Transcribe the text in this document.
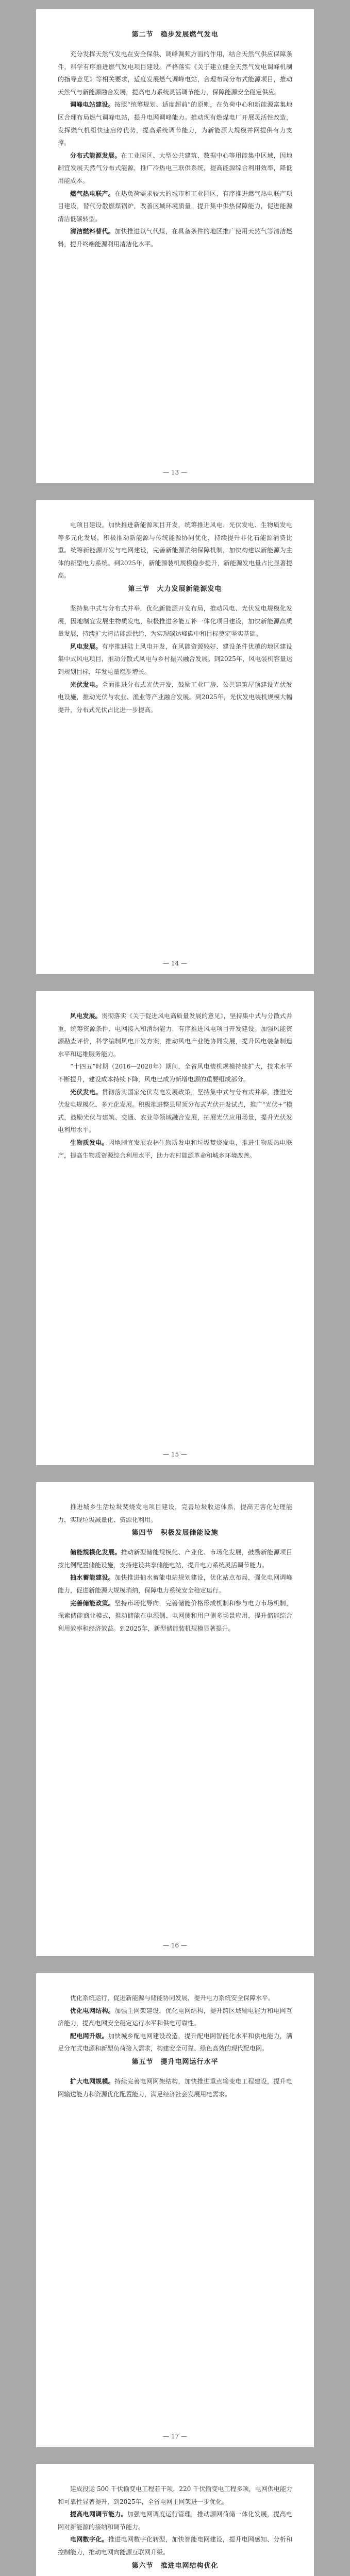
第二节　稳步发展燃气发电

充分发挥天然气发电在安全保供、调峰调频方面的作用，结合天然气供应保障条件，科学有序推进燃气发电项目建设。严格落实《关于建立健全天然气发电调峰机制的指导意见》等相关要求，适度发展燃气调峰电站，合理布局分布式能源项目，推动天然气与新能源融合发展，提高电力系统灵活调节能力，保障能源安全稳定供应。

调峰电站建设。按照“统筹规划、适度超前”的原则，在负荷中心和新能源富集地区合理布局燃气调峰电站，提升电网调峰能力。推动现有燃煤电厂开展灵活性改造，发挥燃气机组快速启停优势，提高系统调节能力，为新能源大规模并网提供有力支撑。

分布式能源发展。在工业园区、大型公共建筑、数据中心等用能集中区域，因地制宜发展天然气分布式能源，推广冷热电三联供系统，提高能源综合利用效率，降低用能成本。

燃气热电联产。在热负荷需求较大的城市和工业园区，有序推进燃气热电联产项目建设，替代分散燃煤锅炉，改善区域环境质量，提升集中供热保障能力，促进能源清洁低碳转型。

清洁燃料替代。加快推进以气代煤，在具备条件的地区推广使用天然气等清洁燃料，提升终端能源利用清洁化水平。

— 13 —

电项目建设。加快推进新能源项目开发，统筹推进风电、光伏发电、生物质发电等多元化发展，积极推动新能源与传统能源协同优化，持续提升非化石能源消费比重。统筹新能源开发与电网建设，完善新能源消纳保障机制，加快构建以新能源为主体的新型电力系统。到2025年，新能源装机规模稳步提升，新能源发电量占比显著提高。

第三节　大力发展新能源发电

坚持集中式与分布式并举，优化新能源开发布局，推动风电、光伏发电规模化发展，因地制宜发展生物质发电，积极推进多能互补一体化项目建设，加快新能源高质量发展，持续扩大清洁能源供给，为实现碳达峰碳中和目标奠定坚实基础。

风电发展。有序推进陆上风电开发，在风能资源较好、建设条件优越的地区建设集中式风电项目，推动分散式风电与乡村振兴融合发展。到2025年，风电装机容量达到规划目标，年发电量稳步增长。

光伏发电。全面推进分布式光伏开发，鼓励工业厂房、公共建筑屋顶建设光伏发电设施，推动光伏与农业、渔业等产业融合发展。到2025年，光伏发电装机规模大幅提升，分布式光伏占比进一步提高。

— 14 —

风电发展。贯彻落实《关于促进风电高质量发展的意见》，坚持集中式与分散式并重，统筹资源条件、电网接入和消纳能力，有序推进风电项目开发建设。加强风能资源勘查评价，科学编制风电开发方案，推动风电产业链协同发展，提升风电装备制造水平和运维服务能力。

“十四五”时期（2016—2020年）期间，全省风电装机规模持续扩大，技术水平不断提升，建设成本持续下降，风电已成为新增电源的重要组成部分。

光伏发电。贯彻落实国家光伏发电发展政策，坚持集中式与分布式并举，推进光伏发电规模化、多元化发展。积极推进整县屋顶分布式光伏开发试点，推广“光伏+”模式，鼓励光伏与建筑、交通、农业等领域融合发展，拓展光伏应用场景，提升光伏发电利用水平。

生物质发电。因地制宜发展农林生物质发电和垃圾焚烧发电，推进生物质热电联产，提高生物质资源综合利用水平，助力农村能源革命和城乡环境改善。

— 15 —

推进城乡生活垃圾焚烧发电项目建设，完善垃圾收运体系，提高无害化处理能力，实现垃圾减量化、资源化利用。

第四节　积极发展储能设施

储能规模化发展。推动新型储能规模化、产业化、市场化发展，鼓励新能源项目按比例配置储能设施，支持建设共享储能电站，提升电力系统灵活调节能力。

抽水蓄能建设。加快推进抽水蓄能电站规划建设，优化站点布局，强化电网调峰能力，促进新能源大规模消纳，保障电力系统安全稳定运行。

完善储能政策。坚持市场化导向，完善储能价格形成机制和参与电力市场机制，探索储能商业模式，推动储能在电源侧、电网侧和用户侧多场景应用，提升储能综合利用效率和经济效益。到2025年，新型储能装机规模显著提升。

— 16 —

优化系统运行，促进新能源与储能协同发展，提升电力系统安全保障水平。

优化电网结构。加强主网架建设，优化电网结构，提升跨区域输电能力和电网互济能力，提高电网安全稳定运行水平和供电可靠性。

配电网升级。加快城乡配电网建设改造，提升配电网智能化水平和供电能力，满足分布式电源和新型负荷接入需求，构建安全可靠、绿色高效的现代配电网。

第五节　提升电网运行水平

扩大电网规模。持续完善电网网架结构，加快推进重点输变电工程建设，提升电网输送能力和资源优化配置能力，满足经济社会发展用电需求。

— 17 —

建成投运 500 千伏输变电工程若干项，220 千伏输变电工程多项，电网供电能力和可靠性显著提升，到2025年，全省电网主网架进一步优化。

提高电网调节能力。加强电网调度运行管理，推动源网荷储一体化发展，提高电网对新能源的接纳和调节能力。

电网数字化。推进电网数字化转型，加快智能电网建设，提升电网感知、分析和控制能力，推动电网向能源互联网升级。

第六节　推进电网结构优化
